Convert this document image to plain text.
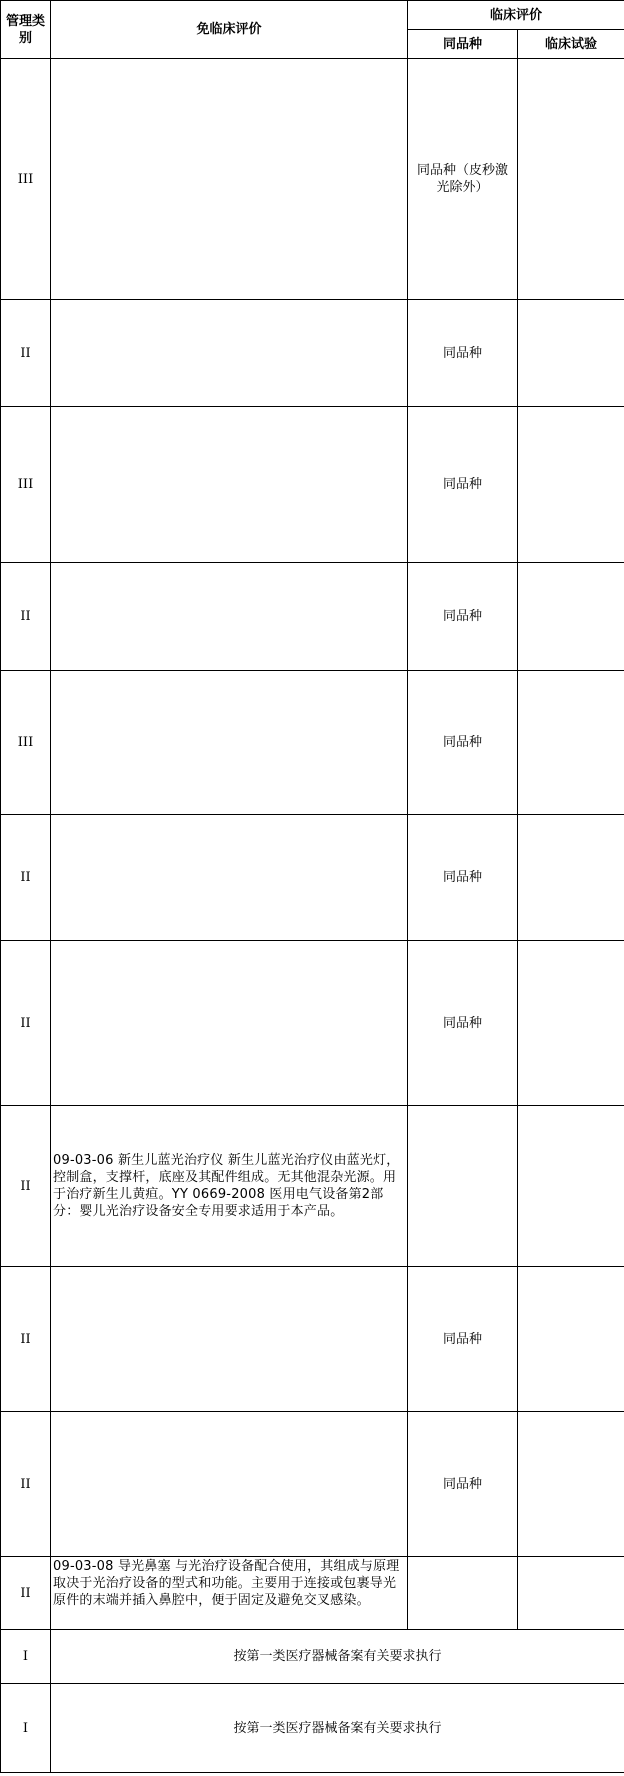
管理类别	免临床评价	临床评价	
		同品种	临床试验
III		同品种（皮秒激光除外）	
II		同品种	
III		同品种	
II		同品种	
III		同品种	
II		同品种	
II		同品种	
II	09-03-06 新生儿蓝光治疗仪 新生儿蓝光治疗仪由蓝光灯，控制盒，支撑杆，底座及其配件组成。无其他混杂光源。用于治疗新生儿黄疸。YY 0669-2008 医用电气设备第2部分：婴儿光治疗设备安全专用要求适用于本产品。		
II		同品种	
II		同品种	
II	09-03-08 导光鼻塞 与光治疗设备配合使用，其组成与原理取决于光治疗设备的型式和功能。主要用于连接或包裹导光原件的末端并插入鼻腔中，便于固定及避免交叉感染。		
I	按第一类医疗器械备案有关要求执行		
I	按第一类医疗器械备案有关要求执行		
